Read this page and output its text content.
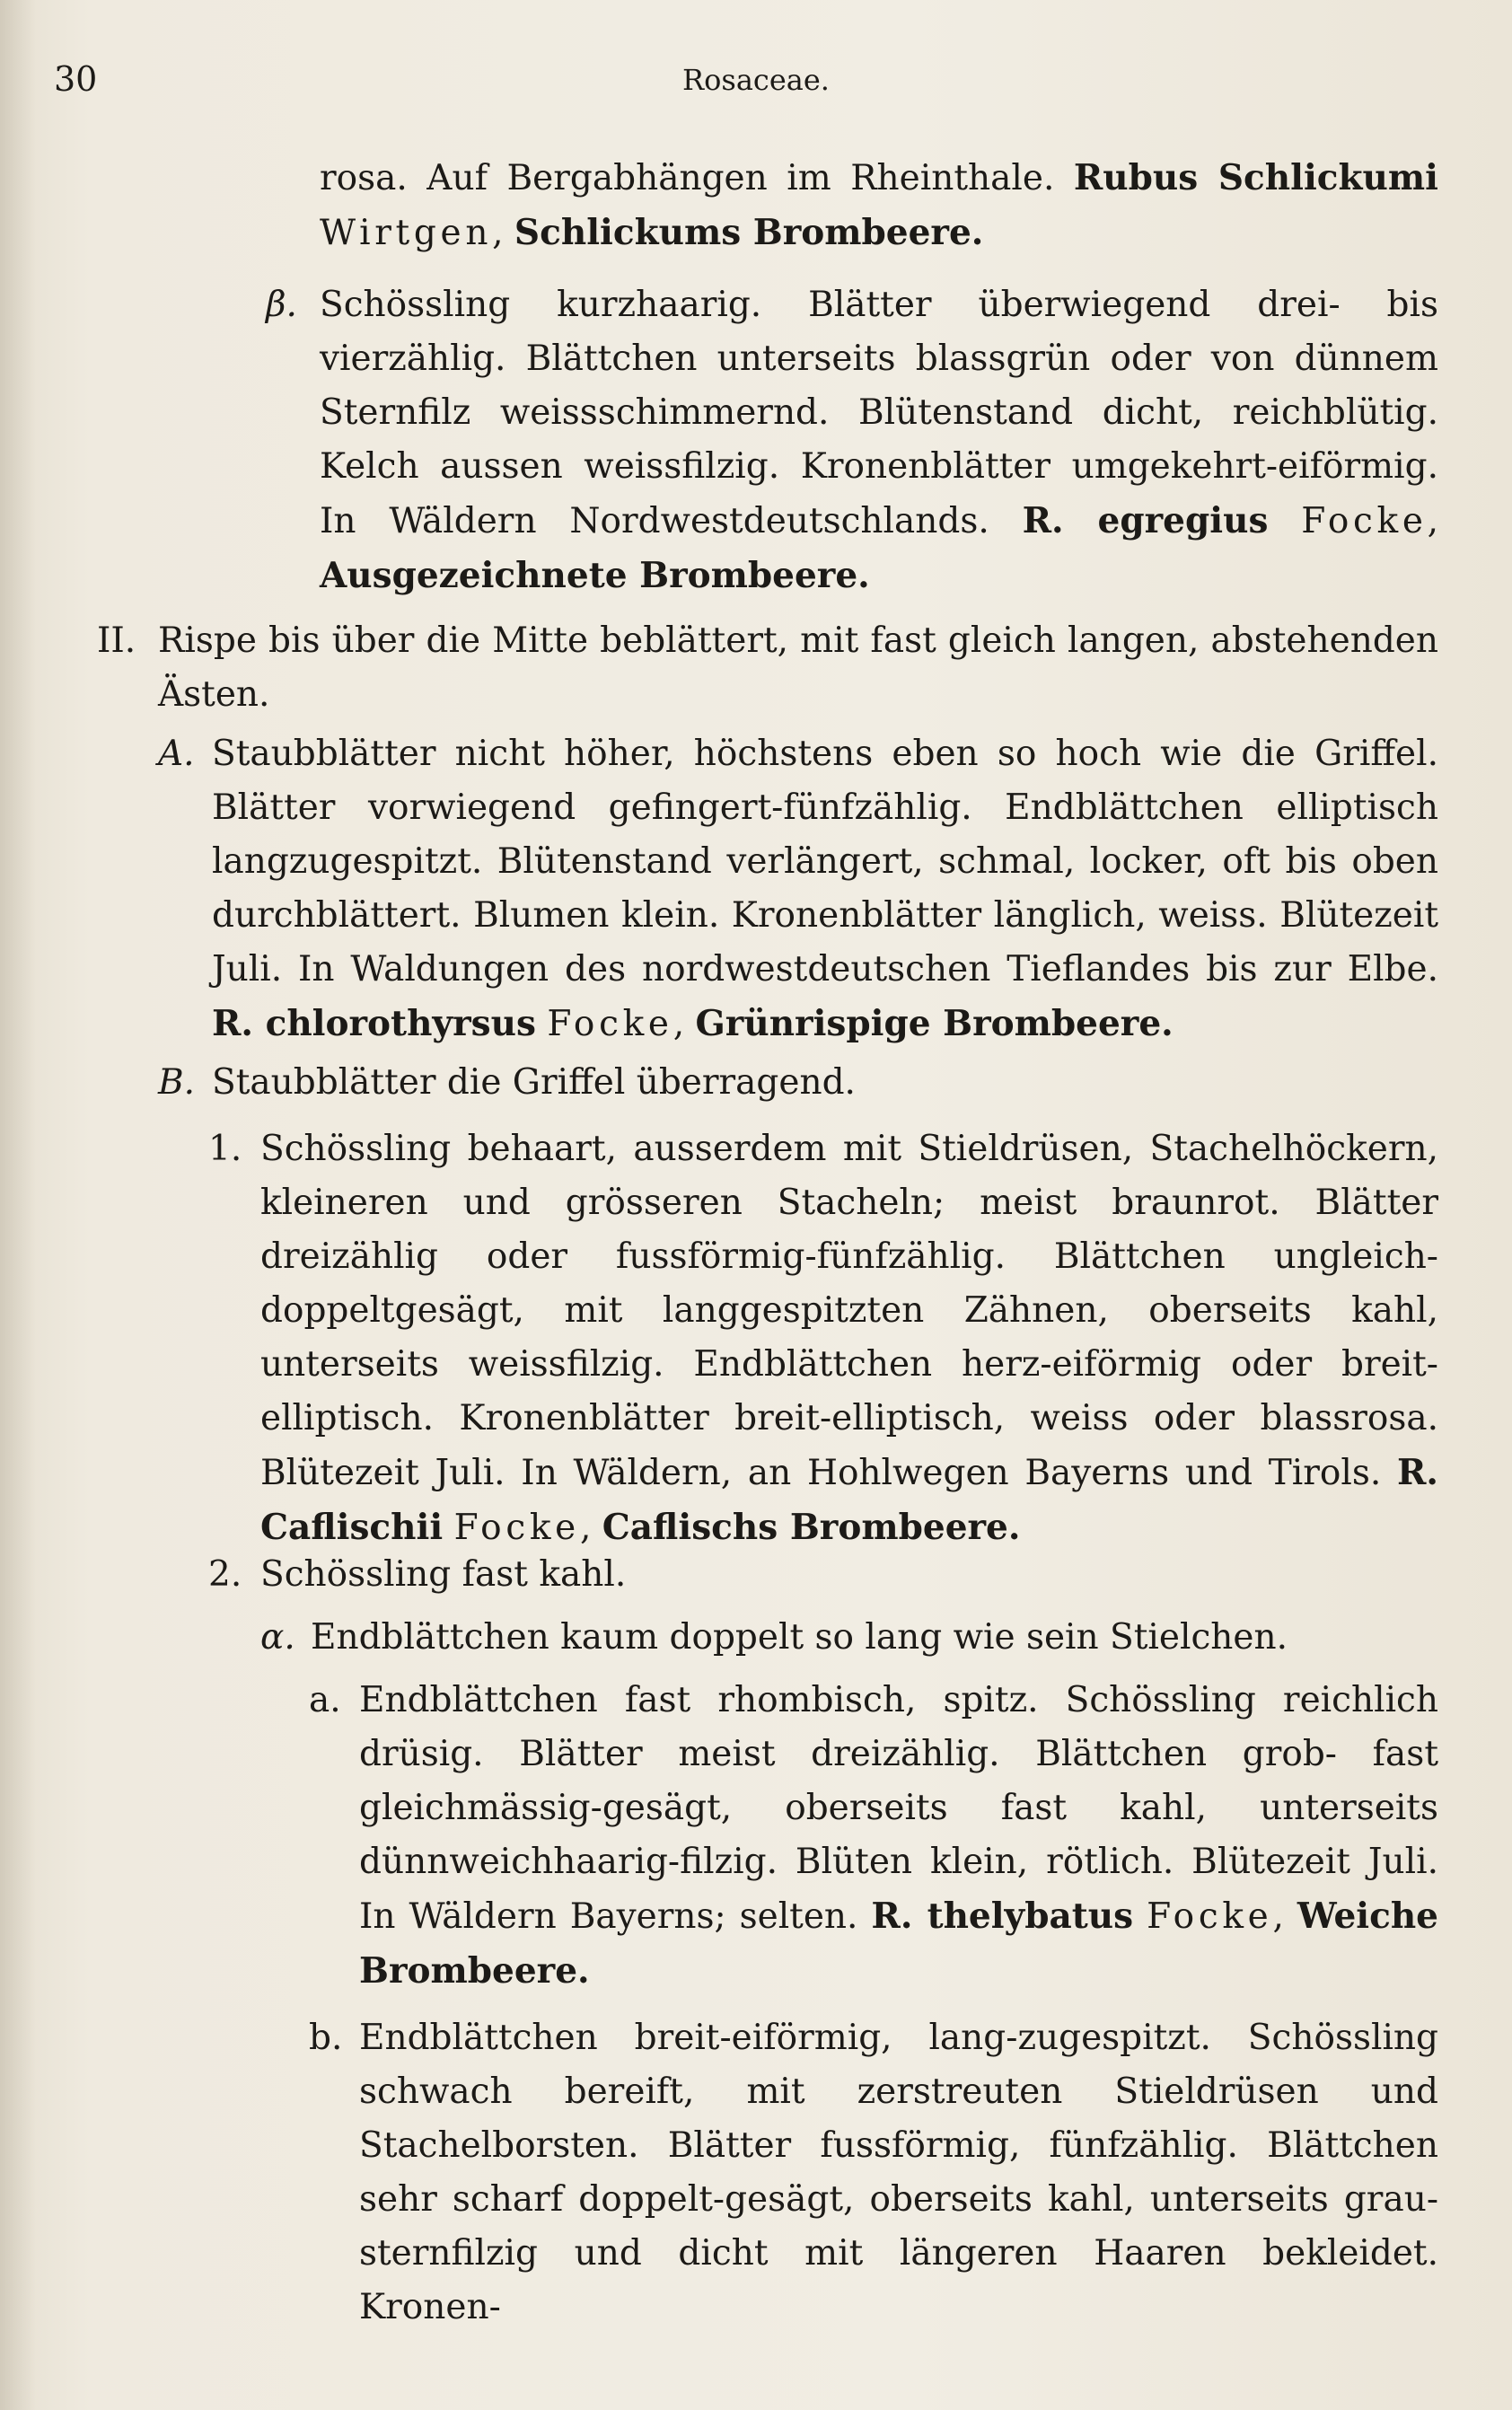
30	Rosaceae.
rosa. Auf Bergabhängen im Rheinthale. Rubus Schlickumi Wirtgen, Schlickums Brombeere.
β. Schössling kurzhaarig. Blätter überwiegend drei- bis vierzählig. Blättchen unterseits blassgrün oder von dünnem Sternfilz weissschimmernd. Blütenstand dicht, reichblütig. Kelch aussen weissfilzig. Kronenblätter umgekehrt-eiförmig. In Wäldern Nordwestdeutschlands. R. egregius Focke, Ausgezeichnete Brombeere.
II. Rispe bis über die Mitte beblättert, mit fast gleich langen, abstehenden Ästen.
A. Staubblätter nicht höher, höchstens eben so hoch wie die Griffel. Blätter vorwiegend gefingert-fünfzählig. Endblättchen elliptisch langzugespitzt. Blütenstand verlängert, schmal, locker, oft bis oben durchblättert. Blumen klein. Kronenblätter länglich, weiss. Blütezeit Juli. In Waldungen des nordwestdeutschen Tieflandes bis zur Elbe. R. chlorothyrsus Focke, Grünrispige Brombeere.
B. Staubblätter die Griffel überragend.
1. Schössling behaart, ausserdem mit Stieldrüsen, Stachelhöckern, kleineren und grösseren Stacheln; meist braunrot. Blätter dreizählig oder fussförmig-fünfzählig. Blättchen ungleich-doppeltgesägt, mit langgespitzten Zähnen, oberseits kahl, unterseits weissfilzig. Endblättchen herz-eiförmig oder breit-elliptisch. Kronenblätter breit-elliptisch, weiss oder blassrosa. Blütezeit Juli. In Wäldern, an Hohlwegen Bayerns und Tirols. R. Caflischii Focke, Caflischs Brombeere.
2. Schössling fast kahl.
α. Endblättchen kaum doppelt so lang wie sein Stielchen.
a. Endblättchen fast rhombisch, spitz. Schössling reichlich drüsig. Blätter meist dreizählig. Blättchen grob- fast gleichmässig-gesägt, oberseits fast kahl, unterseits dünnweichhaarig-filzig. Blüten klein, rötlich. Blütezeit Juli. In Wäldern Bayerns; selten. R. thelybatus Focke, Weiche Brombeere.
b. Endblättchen breit-eiförmig, lang-zugespitzt. Schössling schwach bereift, mit zerstreuten Stieldrüsen und Stachelborsten. Blätter fussförmig, fünfzählig. Blättchen sehr scharf doppelt-gesägt, oberseits kahl, unterseits grau-sternfilzig und dicht mit längeren Haaren bekleidet. Kronen-
